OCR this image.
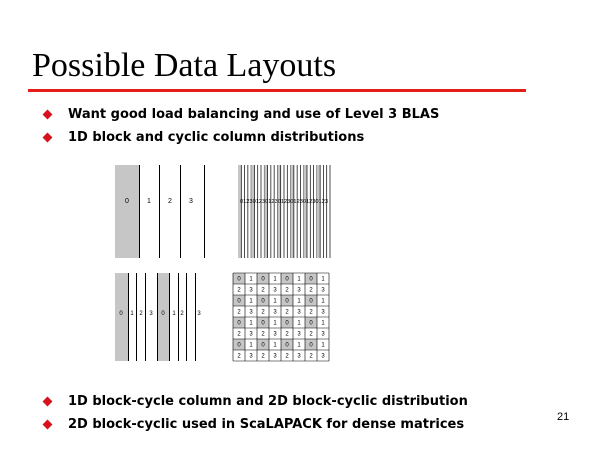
Possible Data Layouts
Want good load balancing and use of Level 3 BLAS
1D block and cyclic column distributions
0	1 2 3	0123012301230123012301230123
0 1 2 3 0 1 2 3
0 1 0 1 0 1 0 1
2 3 2 3 2 3 2 3
0 1 0 1 0 1 0 1
2 3 2 3 2 3 2 3
0 1 0 1 0 1 0 1
2 3 2 3 2 3 2 3
0 1 0 1 0 1 0 1
2 3 2 3 2 3 2 3
1D block-cycle column and 2D block-cyclic distribution
2D block-cyclic used in ScaLAPACK for dense matrices	21
